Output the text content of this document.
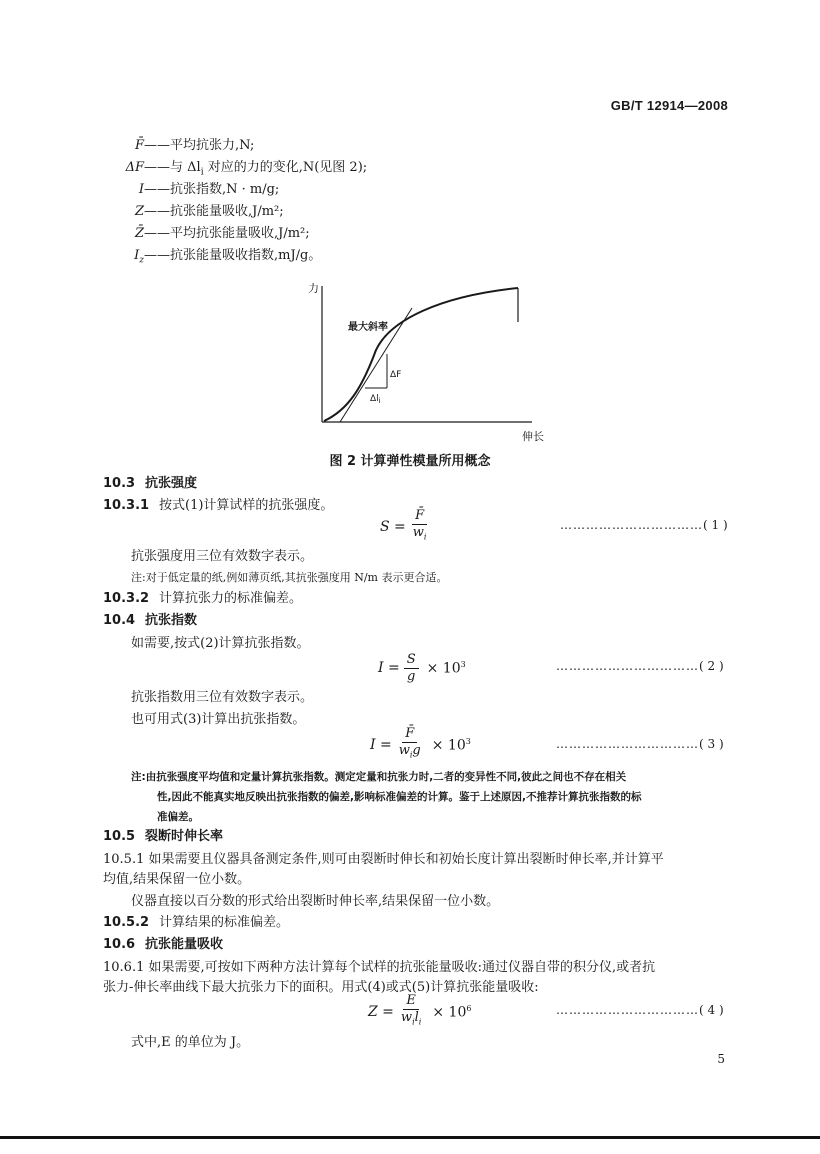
GB/T 12914—2008
F̄——平均抗张力,N;
ΔF——与 $\Delta l_i$ 对应的力的变化,N(见图 2);
I——抗张指数,N · m/g;
Z——抗张能量吸收,J/m²;
Z̄——平均抗张能量吸收,J/m²;
$I_z——$抗张能量吸收指数,mJ/g。
力
最大斜率
ΔF
$\Delta l_i$
伸长
图 2 计算弹性模量所用概念
10.3 抗张强度
10.3.1 按式(1)计算试样的抗张强度。
$S = \frac{F̄}{w_i}$	……………………………( 1 )
抗张强度用三位有效数字表示。
注:对于低定量的纸,例如薄页纸,其抗张强度用 N/m 表示更合适。
10.3.2 计算抗张力的标准偏差。
10.4 抗张指数
如需要,按式(2)计算抗张指数。
$I = \frac{S}{g} \times 10^3$	……………………………( 2 )
抗张指数用三位有效数字表示。
也可用式(3)计算出抗张指数。
$I = \frac{F̄}{w_ig} \times 10^3$	……………………………( 3 )
注:由抗张强度平均值和定量计算抗张指数。测定定量和抗张力时,二者的变异性不同,彼此之间也不存在相关
性,因此不能真实地反映出抗张指数的偏差,影响标准偏差的计算。鉴于上述原因,不推荐计算抗张指数的标
准偏差。
10.5 裂断时伸长率
10.5.1 如果需要且仪器具备测定条件,则可由裂断时伸长和初始长度计算出裂断时伸长率,并计算平
均值,结果保留一位小数。
仪器直接以百分数的形式给出裂断时伸长率,结果保留一位小数。
10.5.2 计算结果的标准偏差。
10.6 抗张能量吸收
10.6.1 如果需要,可按如下两种方法计算每个试样的抗张能量吸收:通过仪器自带的积分仪,或者抗
张力-伸长率曲线下最大抗张力下的面积。用式(4)或式(5)计算抗张能量吸收:
$Z = \frac{E}{w_il_i} \times 10^6$	……………………………( 4 )
式中,E 的单位为 J。
5
